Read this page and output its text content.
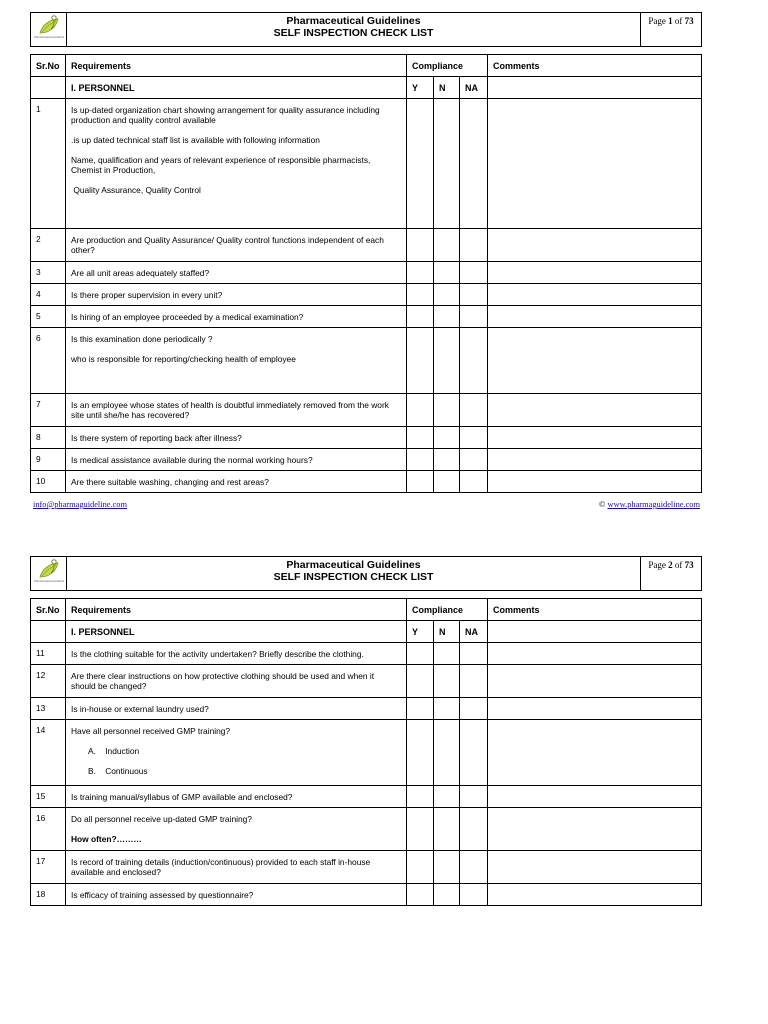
Pharmaceutical Guidelines

Pharmaceutical Guidelines
SELF INSPECTION CHECK LIST
	Page 1 of 73
Sr.No	Requirements	Compliance			Comments
	I. PERSONNEL	Y	N	NA	
1	Is up-dated organization chart showing arrangement for quality assurance including production and quality control available

.is up dated technical staff list is available with following information

Name, qualification and years of relevant experience of responsible pharmacists, Chemist in Production,

Quality Assurance, Quality Control				

2	Are production and Quality Assurance/ Quality control functions independent of each other?				
3	Are all unit areas adequately staffed?				
4	Is there proper supervision in every unit?				
5	Is hiring of an employee proceeded by a medical examination?				
6	Is this examination done periodically ?

who is responsible for reporting/checking health of employee				

7	Is an employee whose states of health is doubtful immediately removed from the work site until she/he has recovered?				
8	Is there system of reporting back after illness?				
9	Is medical assistance available during the normal working hours?				
10	Are there suitable washing, changing and rest areas?				
info@pharmaguideline.com	© www.pharmaguideline.com
Pharmaceutical Guidelines

Pharmaceutical Guidelines
SELF INSPECTION CHECK LIST
	Page 2 of 73
Sr.No	Requirements	Compliance			Comments
	I. PERSONNEL	Y	N	NA	
11	Is the clothing suitable for the activity undertaken? Briefly describe the clothing.				
12	Are there clear instructions on how protective clothing should be used and when it should be changed?				
13	Is in-house or external laundry used?				
14	Have all personnel received GMP training?

A.    Induction

B.    Continuous				

15	Is training manual/syllabus of GMP available and enclosed?				
16	Do all personnel receive up-dated GMP training?

How often?………				

17	Is record of training details (induction/continuous) provided to each staff in-house available and enclosed?				
18	Is efficacy of training assessed by questionnaire?				
